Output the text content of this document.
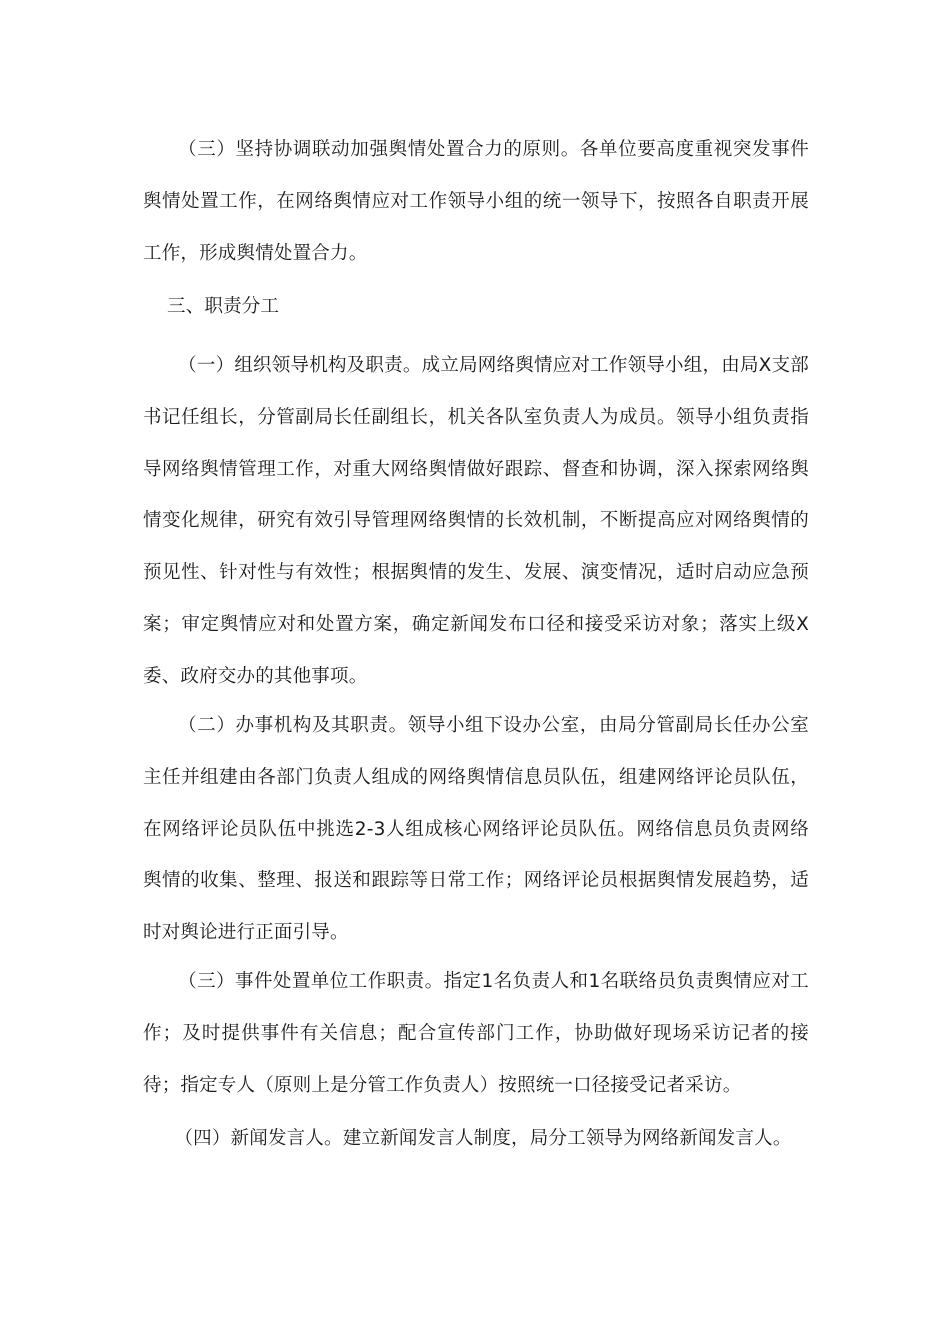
（三）坚持协调联动加强舆情处置合力的原则。各单位要高度重视突发事件舆情处置工作，在网络舆情应对工作领导小组的统一领导下，按照各自职责开展工作，形成舆情处置合力。

三、职责分工

（一）组织领导机构及职责。成立局网络舆情应对工作领导小组，由局X支部书记任组长，分管副局长任副组长，机关各队室负责人为成员。领导小组负责指导网络舆情管理工作，对重大网络舆情做好跟踪、督查和协调，深入探索网络舆情变化规律，研究有效引导管理网络舆情的长效机制，不断提高应对网络舆情的预见性、针对性与有效性；根据舆情的发生、发展、演变情况，适时启动应急预案；审定舆情应对和处置方案，确定新闻发布口径和接受采访对象；落实上级X委、政府交办的其他事项。

（二）办事机构及其职责。领导小组下设办公室，由局分管副局长任办公室主任并组建由各部门负责人组成的网络舆情信息员队伍，组建网络评论员队伍，在网络评论员队伍中挑选2-3人组成核心网络评论员队伍。网络信息员负责网络舆情的收集、整理、报送和跟踪等日常工作；网络评论员根据舆情发展趋势，适时对舆论进行正面引导。

（三）事件处置单位工作职责。指定1名负责人和1名联络员负责舆情应对工作；及时提供事件有关信息；配合宣传部门工作，协助做好现场采访记者的接待；指定专人（原则上是分管工作负责人）按照统一口径接受记者采访。

（四）新闻发言人。建立新闻发言人制度，局分工领导为网络新闻发言人。
